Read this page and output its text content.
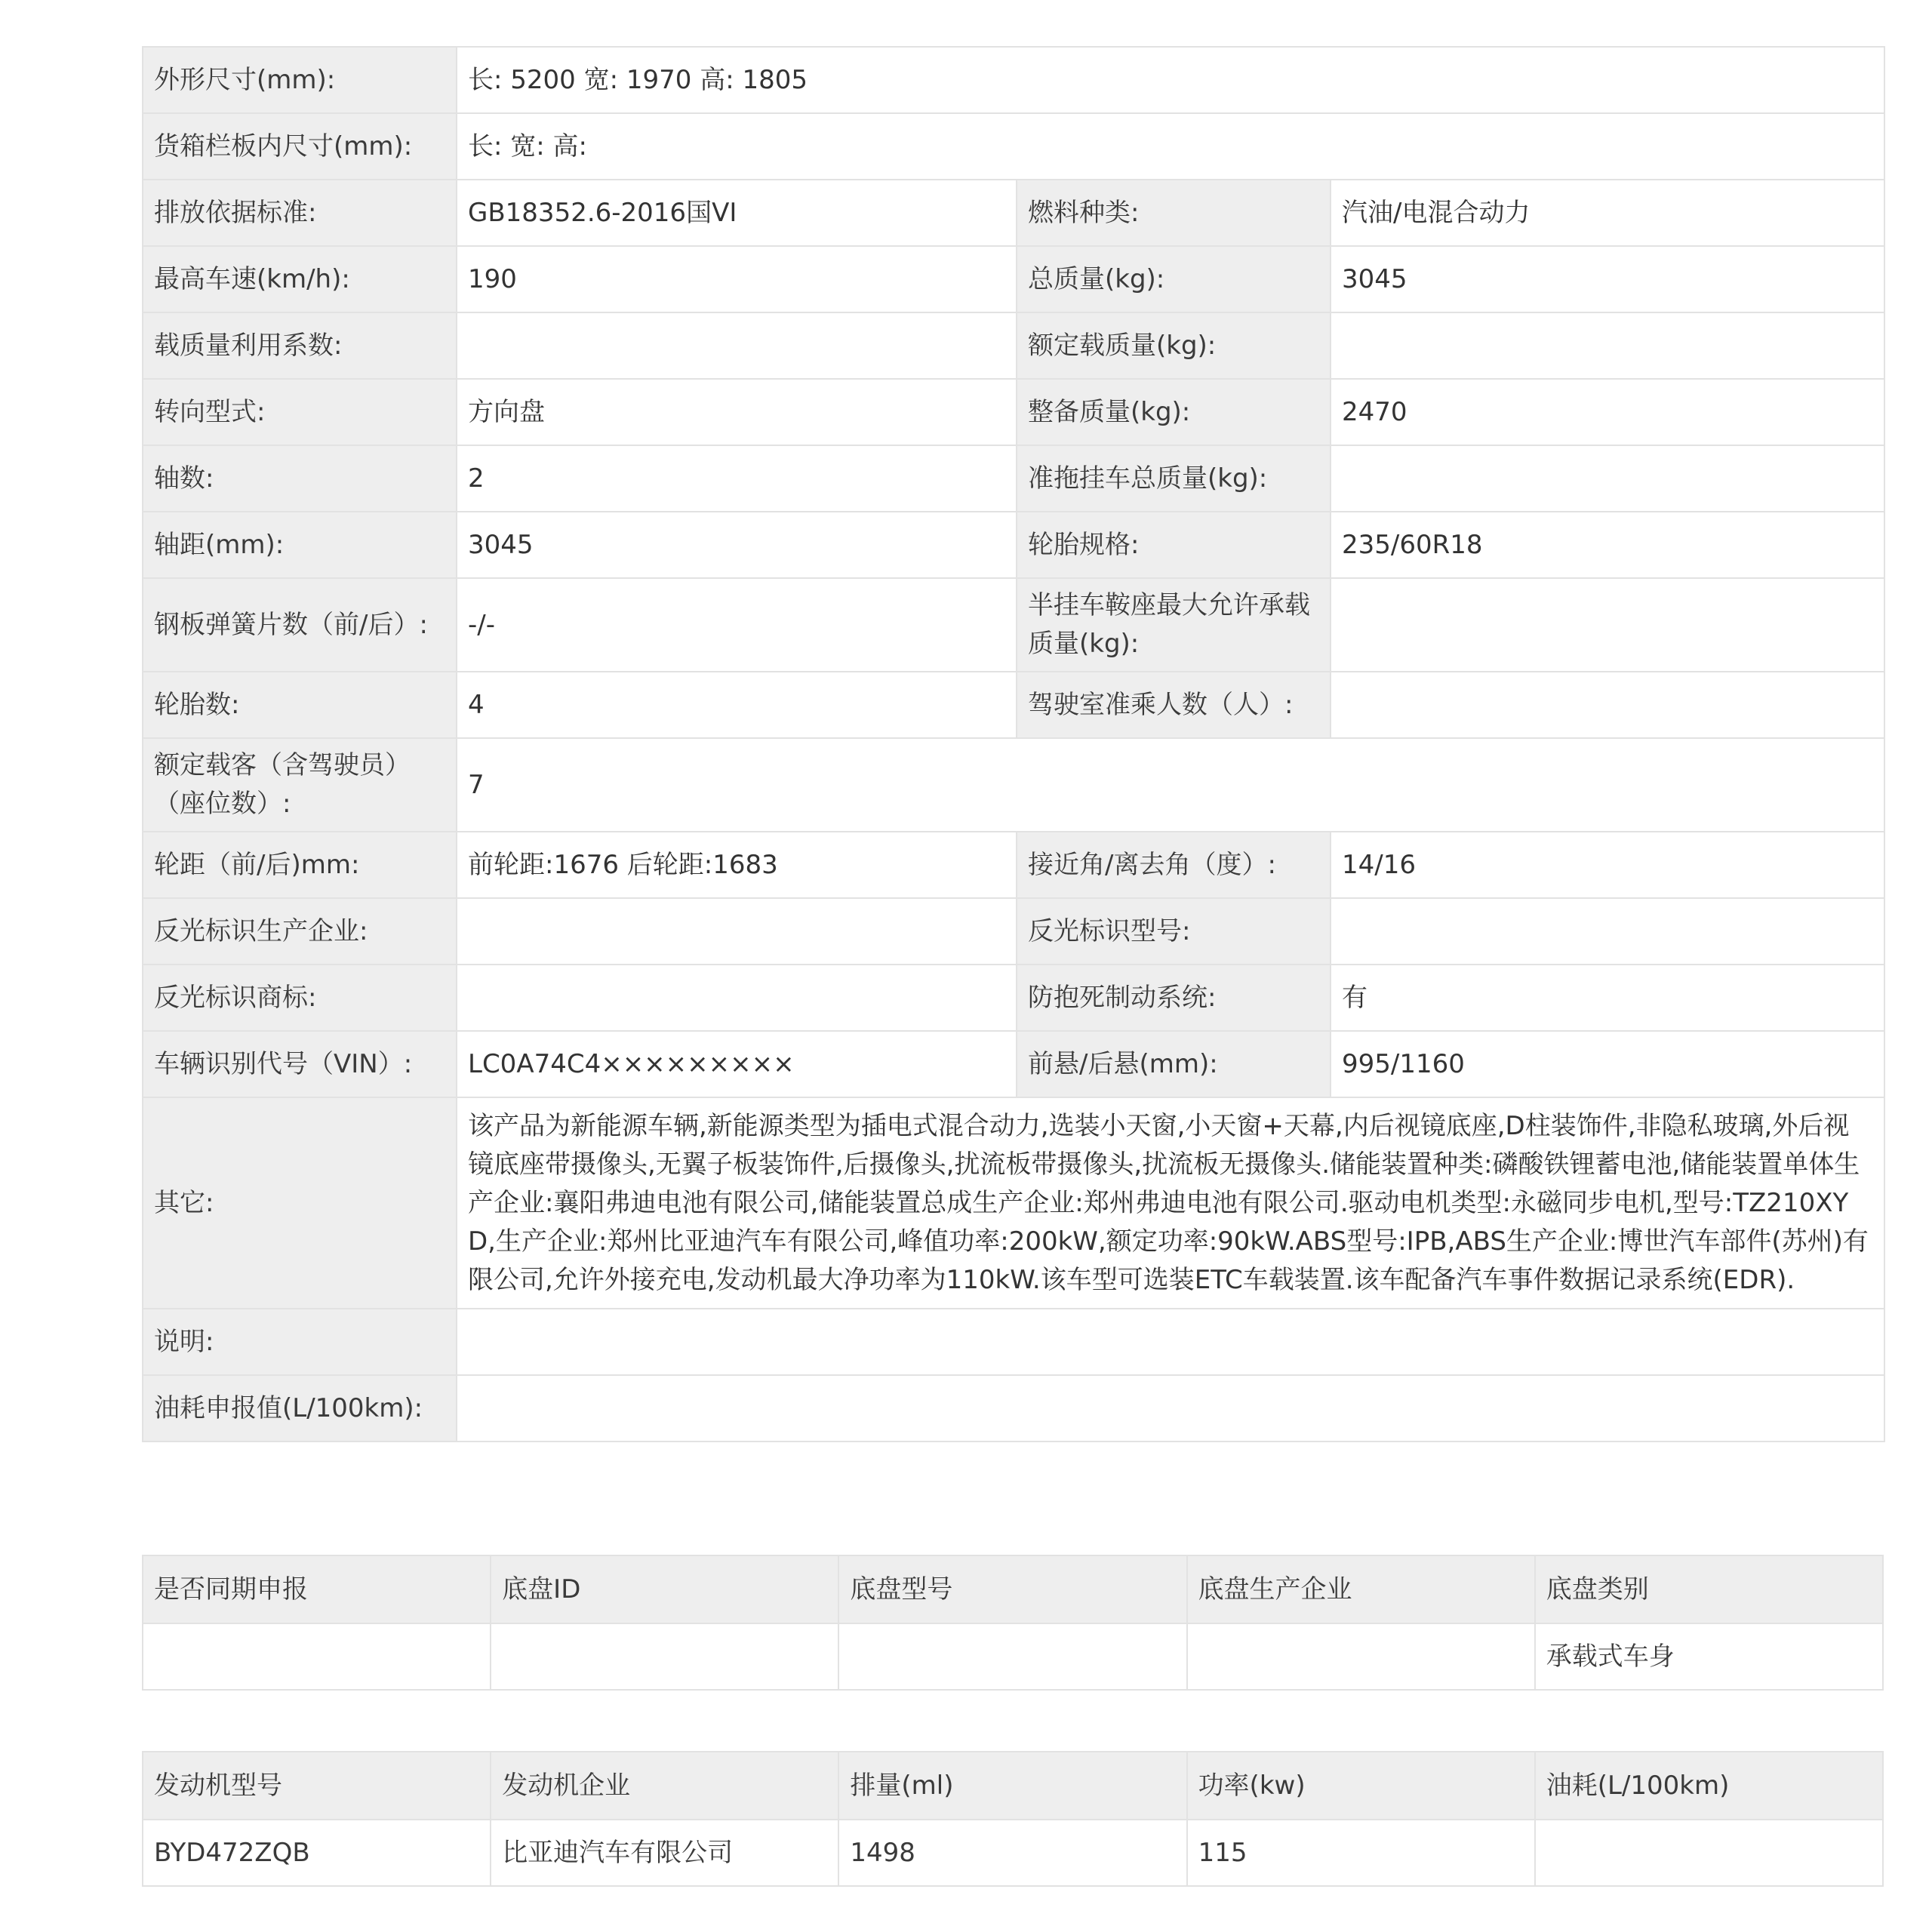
外形尺寸(mm):	长: 5200 宽: 1970 高: 1805		
货箱栏板内尺寸(mm):	长: 宽: 高:		
排放依据标准:	GB18352.6-2016国VI	燃料种类:	汽油/电混合动力
最高车速(km/h):	190	总质量(kg):	3045
载质量利用系数:		额定载质量(kg):	
转向型式:	方向盘	整备质量(kg):	2470
轴数:	2	准拖挂车总质量(kg):	
轴距(mm):	3045	轮胎规格:	235/60R18
钢板弹簧片数（前/后）:	-/-	半挂车鞍座最大允许承载质量(kg):	
轮胎数:	4	驾驶室准乘人数（人）:	
额定载客（含驾驶员）（座位数）:	7		
轮距（前/后)mm:	前轮距:1676 后轮距:1683	接近角/离去角（度）:	14/16
反光标识生产企业:		反光标识型号:	
反光标识商标:		防抱死制动系统:	有
车辆识别代号（VIN）:	LC0A74C4×××××××××	前悬/后悬(mm):	995/1160
其它:	该产品为新能源车辆,新能源类型为插电式混合动力,选装小天窗,小天窗+天幕,内后视镜底座,D柱装饰件,非隐私玻璃,外后视镜底座带摄像头,无翼子板装饰件,后摄像头,扰流板带摄像头,扰流板无摄像头.储能装置种类:磷酸铁锂蓄电池,储能装置单体生产企业:襄阳弗迪电池有限公司,储能装置总成生产企业:郑州弗迪电池有限公司.驱动电机类型:永磁同步电机,型号:TZ210XYD,生产企业:郑州比亚迪汽车有限公司,峰值功率:200kW,额定功率:90kW.ABS型号:IPB,ABS生产企业:博世汽车部件(苏州)有限公司,允许外接充电,发动机最大净功率为110kW.该车型可选装ETC车载装置.该车配备汽车事件数据记录系统(EDR).		
说明:			
油耗申报值(L/100km):			
是否同期申报	底盘ID	底盘型号	底盘生产企业	底盘类别
				承载式车身
发动机型号	发动机企业	排量(ml)	功率(kw)	油耗(L/100km)
BYD472ZQB	比亚迪汽车有限公司	1498	115	
